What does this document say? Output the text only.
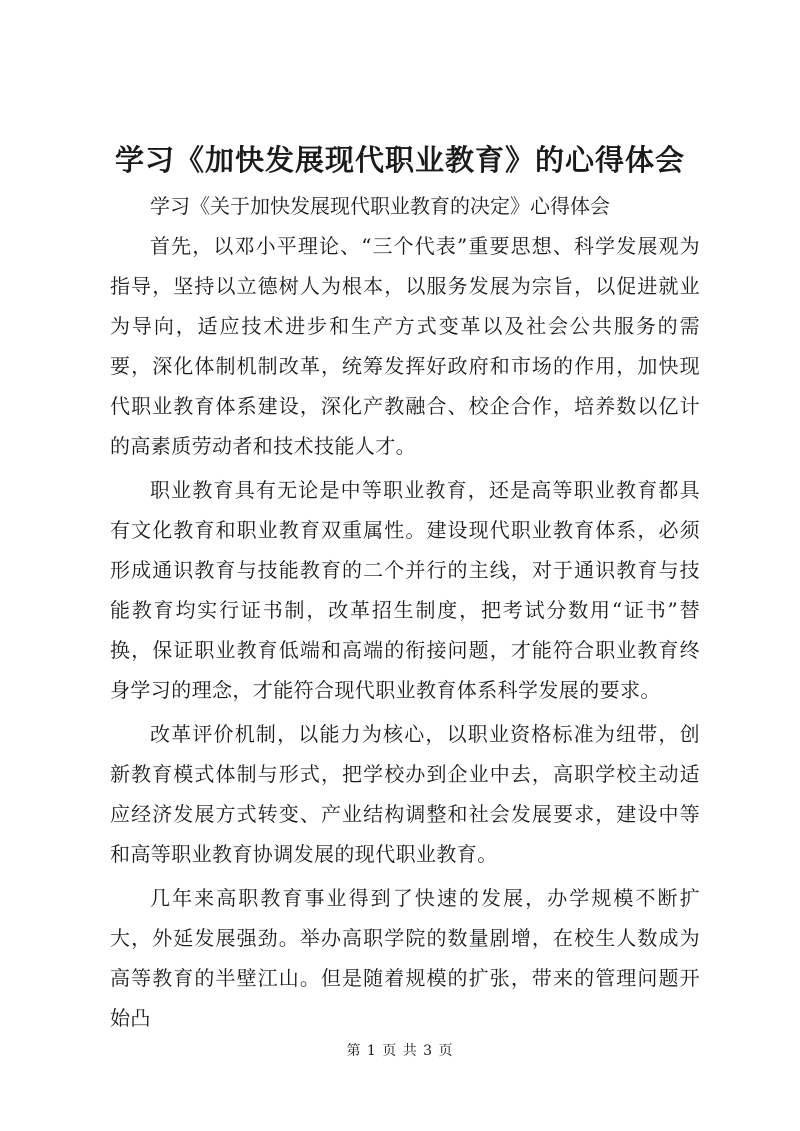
学习《加快发展现代职业教育》的心得体会

学习《关于加快发展现代职业教育的决定》心得体会

首先，以邓小平理论、“三个代表”重要思想、科学发展观为指导，坚持以立德树人为根本，以服务发展为宗旨，以促进就业为导向，适应技术进步和生产方式变革以及社会公共服务的需要，深化体制机制改革，统筹发挥好政府和市场的作用，加快现代职业教育体系建设，深化产教融合、校企合作，培养数以亿计的高素质劳动者和技术技能人才。

职业教育具有无论是中等职业教育，还是高等职业教育都具有文化教育和职业教育双重属性。建设现代职业教育体系，必须形成通识教育与技能教育的二个并行的主线，对于通识教育与技能教育均实行证书制，改革招生制度，把考试分数用“证书”替换，保证职业教育低端和高端的衔接问题，才能符合职业教育终身学习的理念，才能符合现代职业教育体系科学发展的要求。

改革评价机制，以能力为核心，以职业资格标准为纽带，创新教育模式体制与形式，把学校办到企业中去，高职学校主动适应经济发展方式转变、产业结构调整和社会发展要求，建设中等和高等职业教育协调发展的现代职业教育。

几年来高职教育事业得到了快速的发展，办学规模不断扩大，外延发展强劲。举办高职学院的数量剧增，在校生人数成为高等教育的半壁江山。但是随着规模的扩张，带来的管理问题开始凸

第 1 页 共 3 页
